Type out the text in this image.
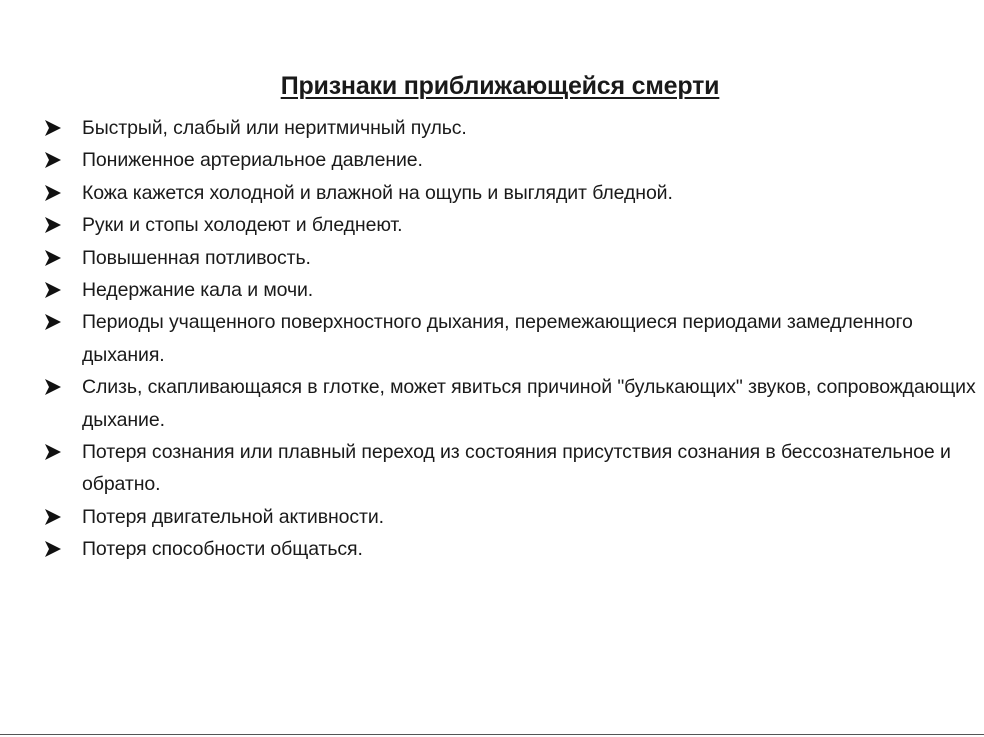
Признаки приближающейся смерти
Быстрый, слабый или неритмичный пульс.
Пониженное артериальное давление.
Кожа кажется холодной и влажной на ощупь и выглядит бледной.
Руки и стопы холодеют и бледнеют.
Повышенная потливость.
Недержание кала и мочи.
Периоды учащенного поверхностного дыхания, перемежающиеся периодами замедленного дыхания.
Слизь, скапливающаяся в глотке, может явиться причиной "булькающих" звуков, сопровождающих дыхание.
Потеря сознания или плавный переход из состояния присутствия сознания в бессознательное и обратно.
Потеря двигательной активности.
Потеря способности общаться.
